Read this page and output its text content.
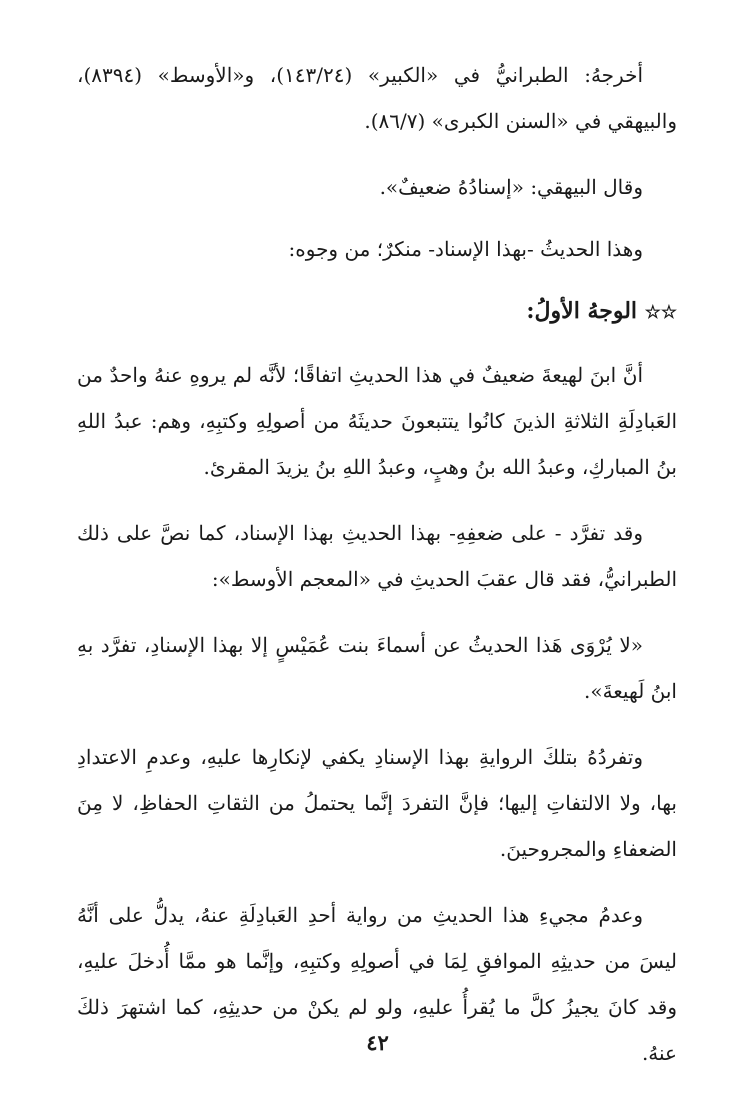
أخرجهُ: الطبرانيُّ في «الكبير» (١٤٣/٢٤)، و«الأوسط» (٨٣٩٤)، والبيهقي في «السنن الكبرى» (٨٦/٧).

وقال البيهقي: «إسنادُهُ ضعيفٌ».

وهذا الحديثُ -بهذا الإسناد- منكرٌ؛ من وجوه:

☆☆ الوجهُ الأولُ:

أنَّ ابنَ لهيعةَ ضعيفٌ في هذا الحديثِ اتفاقًا؛ لأنَّه لم يروهِ عنهُ واحدٌ من العَبادِلَةِ الثلاثةِ الذينَ كانُوا يتتبعونَ حديثَهُ من أصولِهِ وكتبِهِ، وهم: عبدُ اللهِ بنُ المباركِ، وعبدُ الله بنُ وهبٍ، وعبدُ اللهِ بنُ يزيدَ المقرئ.

وقد تفرَّد - على ضعفِهِ- بهذا الحديثِ بهذا الإسناد، كما نصَّ على ذلك الطبرانيُّ، فقد قال عقبَ الحديثِ في «المعجم الأوسط»:

«لا يُرْوَى هَذا الحديثُ عن أسماءَ بنت عُمَيْسٍ إلا بهذا الإسنادِ، تفرَّد بهِ ابنُ لَهيعةَ».

وتفردُهُ بتلكَ الروايةِ بهذا الإسنادِ يكفي لإنكارِها عليهِ، وعدمِ الاعتدادِ بها، ولا الالتفاتِ إليها؛ فإنَّ التفردَ إنَّما يحتملُ من الثقاتِ الحفاظِ، لا مِنَ الضعفاءِ والمجروحينَ.

وعدمُ مجيءِ هذا الحديثِ من رواية أحدِ العَبادِلَةِ عنهُ، يدلُّ على أنَّهُ ليسَ من حديثِهِ الموافقِ لِمَا في أصولِهِ وكتبِهِ، وإنَّما هو ممَّا أُدخلَ عليهِ، وقد كانَ يجيزُ كلَّ ما يُقرأُ عليهِ، ولو لم يكنْ من حديثِهِ، كما اشتهرَ ذلكَ عنهُ.

٤٢
